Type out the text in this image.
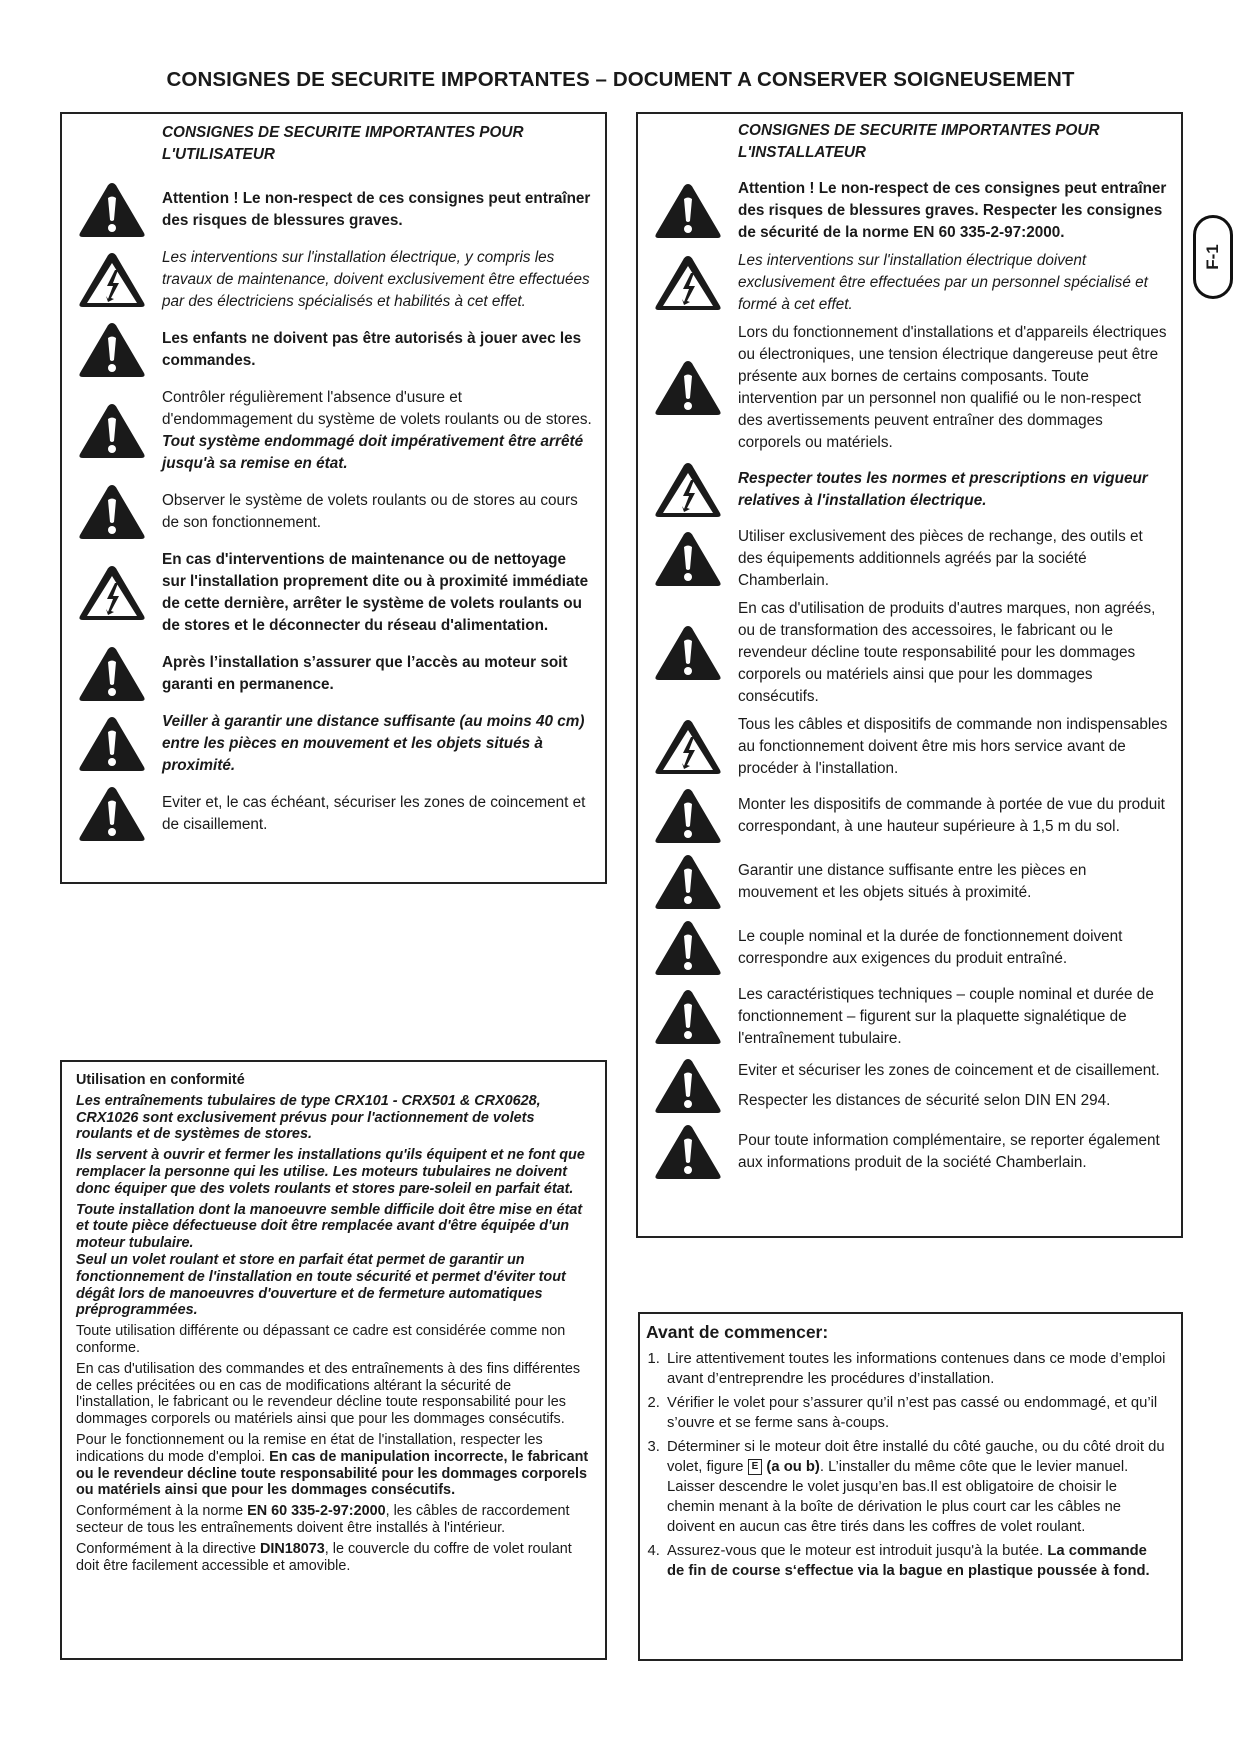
CONSIGNES DE SECURITE IMPORTANTES – DOCUMENT A CONSERVER SOIGNEUSEMENT
F-1
CONSIGNES DE SECURITE IMPORTANTES POUR L'UTILISATEUR
Attention ! Le non-respect de ces consignes peut entraîner des risques de blessures graves.
Les interventions sur l'installation électrique, y compris les travaux de maintenance, doivent exclusivement être effectuées par des électriciens spécialisés et habilités à cet effet.
Les enfants ne doivent pas être autorisés à jouer avec les commandes.
Contrôler régulièrement l'absence d'usure et d'endommagement du système de volets roulants ou de stores. Tout système endommagé doit impérativement être arrêté jusqu'à sa remise en état.
Observer le système de volets roulants ou de stores au cours de son fonctionnement.
En cas d'interventions de maintenance ou de nettoyage sur l'installation proprement dite ou à proximité immédiate de cette dernière, arrêter le système de volets roulants ou de stores et le déconnecter du réseau d'alimentation.
Après l’installation s’assurer que l’accès au moteur soit garanti en permanence.
Veiller à garantir une distance suffisante (au moins 40 cm) entre les pièces en mouvement et les objets situés à proximité.
Eviter et, le cas échéant, sécuriser les zones de coincement et de cisaillement.
CONSIGNES DE SECURITE IMPORTANTES POUR L'INSTALLATEUR
Attention ! Le non-respect de ces consignes peut entraîner des risques de blessures graves. Respecter les consignes de sécurité de la norme EN 60 335-2-97:2000.
Les interventions sur l'installation électrique doivent exclusivement être effectuées par un personnel spécialisé et formé à cet effet.
Lors du fonctionnement d'installations et d'appareils électriques ou électroniques, une tension électrique dangereuse peut être présente aux bornes de certains composants. Toute intervention par un personnel non qualifié ou le non-respect des avertissements peuvent entraîner des dommages corporels ou matériels.
Respecter toutes les normes et prescriptions en vigueur relatives à l'installation électrique.
Utiliser exclusivement des pièces de rechange, des outils et des équipements additionnels agréés par la société Chamberlain.
En cas d'utilisation de produits d'autres marques, non agréés, ou de transformation des accessoires, le fabricant ou le revendeur décline toute responsabilité pour les dommages corporels ou matériels ainsi que pour les dommages consécutifs.
Tous les câbles et dispositifs de commande non indispensables au fonctionnement doivent être mis hors service avant de procéder à l'installation.
Monter les dispositifs de commande à portée de vue du produit correspondant, à une hauteur supérieure à 1,5 m du sol.
Garantir une distance suffisante entre les pièces en mouvement et les objets situés à proximité.
Le couple nominal et la durée de fonctionnement doivent correspondre aux exigences du produit entraîné.
Les caractéristiques techniques – couple nominal et durée de fonctionnement – figurent sur la plaquette signalétique de l'entraînement tubulaire.
Eviter et sécuriser les zones de coincement et de cisaillement.
Respecter les distances de sécurité selon DIN EN 294.
Pour toute information complémentaire, se reporter également aux informations produit de la société Chamberlain.
Utilisation en conformité

Les entraînements tubulaires de type CRX101 - CRX501 & CRX0628, CRX1026 sont exclusivement prévus pour l'actionnement de volets roulants et de systèmes de stores.

Ils servent à ouvrir et fermer les installations qu'ils équipent et ne font que remplacer la personne qui les utilise. Les moteurs tubulaires ne doivent donc équiper que des volets roulants et stores pare-soleil en parfait état.

Toute installation dont la manoeuvre semble difficile doit être mise en état et toute pièce défectueuse doit être remplacée avant d'être équipée d'un moteur tubulaire.

Seul un volet roulant et store en parfait état permet de garantir un fonctionnement de l'installation en toute sécurité et permet d'éviter tout dégât lors de manoeuvres d'ouverture et de fermeture automatiques préprogrammées.

Toute utilisation différente ou dépassant ce cadre est considérée comme non conforme.

En cas d'utilisation des commandes et des entraînements à des fins différentes de celles précitées ou en cas de modifications altérant la sécurité de l'installation, le fabricant ou le revendeur décline toute responsabilité pour les dommages corporels ou matériels ainsi que pour les dommages consécutifs.

Pour le fonctionnement ou la remise en état de l'installation, respecter les indications du mode d'emploi. En cas de manipulation incorrecte, le fabricant ou le revendeur décline toute responsabilité pour les dommages corporels ou matériels ainsi que pour les dommages consécutifs.

Conformément à la norme EN 60 335-2-97:2000, les câbles de raccordement secteur de tous les entraînements doivent être installés à l'intérieur.

Conformément à la directive DIN18073, le couvercle du coffre de volet roulant doit être facilement accessible et amovible.

Avant de commencer:
1. Lire attentivement toutes les informations contenues dans ce mode d’emploi avant d’entreprendre les procédures d’installation.
2. Vérifier le volet pour s’assurer qu’il n’est pas cassé ou endommagé, et qu’il s’ouvre et se ferme sans à-coups.
3. Déterminer si le moteur doit être installé du côté gauche, ou du côté droit du volet, figure E (a ou b). L’installer du même côte que le levier manuel. Laisser descendre le volet jusqu’en bas.Il est obligatoire de choisir le chemin menant à la boîte de dérivation le plus court car les câbles ne doivent en aucun cas être tirés dans les coffres de volet roulant.
4. Assurez-vous que le moteur est introduit jusqu'à la butée. La commande de fin de course s‘effectue via la bague en plastique poussée à fond.
